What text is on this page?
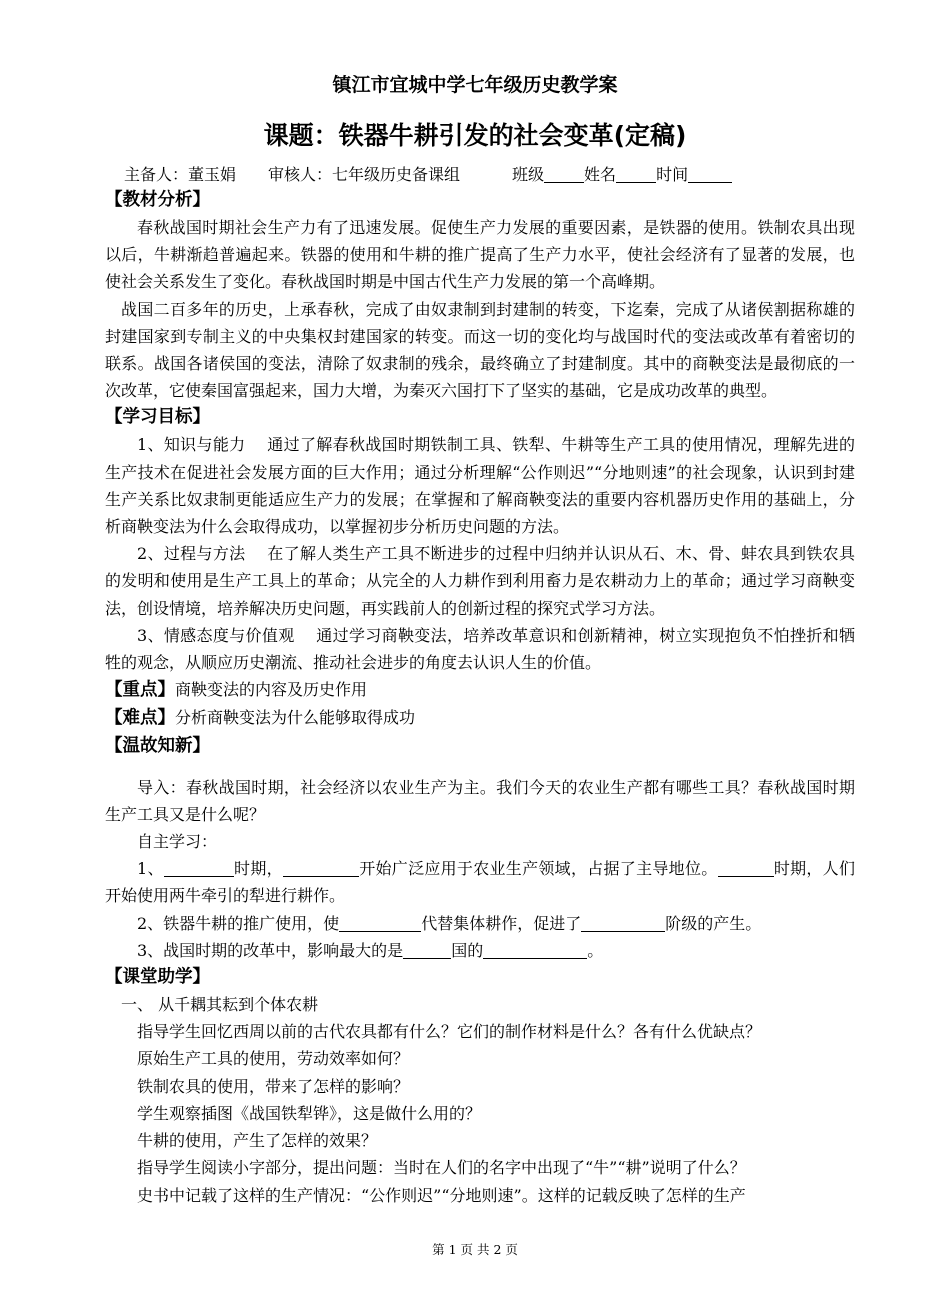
镇江市宜城中学七年级历史教学案
课题：铁器牛耕引发的社会变革(定稿)
主备人：董玉娟 审核人：七年级历史备课组	班级	姓名	时间
【教材分析】

春秋战国时期社会生产力有了迅速发展。促使生产力发展的重要因素，是铁器的使用。铁制农具出现以后，牛耕渐趋普遍起来。铁器的使用和牛耕的推广提高了生产力水平，使社会经济有了显著的发展，也使社会关系发生了变化。春秋战国时期是中国古代生产力发展的第一个高峰期。

战国二百多年的历史，上承春秋，完成了由奴隶制到封建制的转变，下迄秦，完成了从诸侯割据称雄的封建国家到专制主义的中央集权封建国家的转变。而这一切的变化均与战国时代的变法或改革有着密切的联系。战国各诸侯国的变法，清除了奴隶制的残余，最终确立了封建制度。其中的商鞅变法是最彻底的一次改革，它使秦国富强起来，国力大增，为秦灭六国打下了坚实的基础，它是成功改革的典型。

【学习目标】

1、知识与能力　 通过了解春秋战国时期铁制工具、铁犁、牛耕等生产工具的使用情况，理解先进的生产技术在促进社会发展方面的巨大作用；通过分析理解“公作则迟”“分地则速”的社会现象，认识到封建生产关系比奴隶制更能适应生产力的发展；在掌握和了解商鞅变法的重要内容机器历史作用的基础上，分析商鞅变法为什么会取得成功，以掌握初步分析历史问题的方法。

2、过程与方法　 在了解人类生产工具不断进步的过程中归纳并认识从石、木、骨、蚌农具到铁农具的发明和使用是生产工具上的革命；从完全的人力耕作到利用畜力是农耕动力上的革命；通过学习商鞅变法，创设情境，培养解决历史问题，再实践前人的创新过程的探究式学习方法。

3、情感态度与价值观　 通过学习商鞅变法，培养改革意识和创新精神，树立实现抱负不怕挫折和牺牲的观念，从顺应历史潮流、推动社会进步的角度去认识人生的价值。

【重点】商鞅变法的内容及历史作用

【难点】分析商鞅变法为什么能够取得成功

【温故知新】

导入：春秋战国时期，社会经济以农业生产为主。我们今天的农业生产都有哪些工具？春秋战国时期生产工具又是什么呢？

自主学习：

1、	时期，	开始广泛应用于农业生产领域，占据了主导地位。	时期，人们开始使用两牛牵引的犁进行耕作。

2、铁器牛耕的推广使用，使	代替集体耕作，促进了	阶级的产生。

3、战国时期的改革中，影响最大的是	国的	。

【课堂助学】

一、 从千耦其耘到个体农耕

指导学生回忆西周以前的古代农具都有什么？它们的制作材料是什么？各有什么优缺点？

原始生产工具的使用，劳动效率如何？

铁制农具的使用，带来了怎样的影响？

学生观察插图《战国铁犁铧》，这是做什么用的？

牛耕的使用，产生了怎样的效果？

指导学生阅读小字部分，提出问题：当时在人们的名字中出现了“牛”“耕”说明了什么？

史书中记载了这样的生产情况：“公作则迟”“分地则速”。这样的记载反映了怎样的生产

第 1 页 共 2 页
